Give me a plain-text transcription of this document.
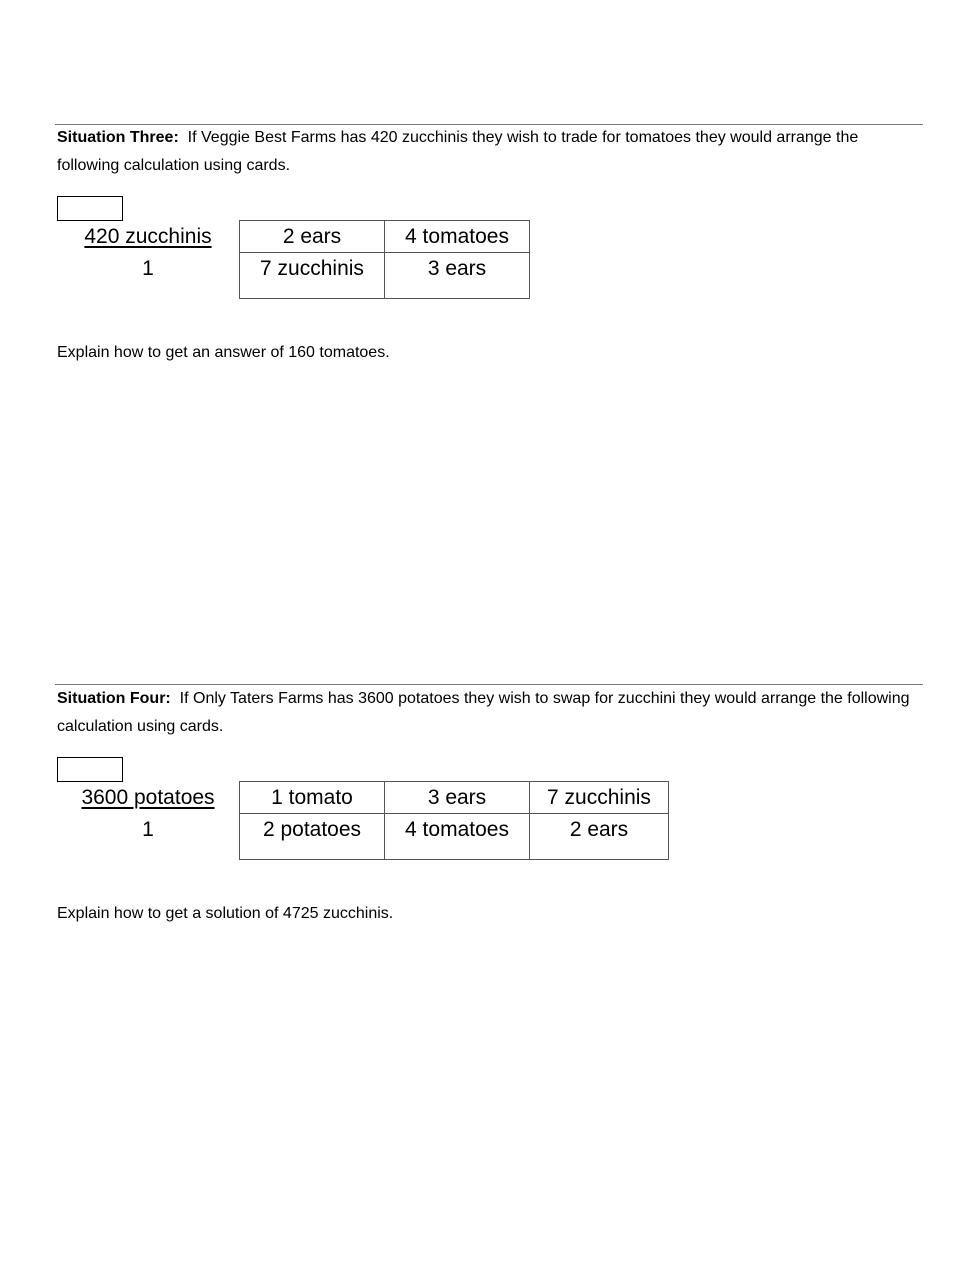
Situation Three: If Veggie Best Farms has 420 zucchinis they wish to trade for tomatoes they would arrange the following calculation using cards.
420 zucchinis
1
2 ears	4 tomatoes
7 zucchinis	3 ears
Explain how to get an answer of 160 tomatoes.
Situation Four: If Only Taters Farms has 3600 potatoes they wish to swap for zucchini they would arrange the following calculation using cards.
3600 potatoes
1
1 tomato	3 ears	7 zucchinis
2 potatoes	4 tomatoes	2 ears
Explain how to get a solution of 4725 zucchinis.
